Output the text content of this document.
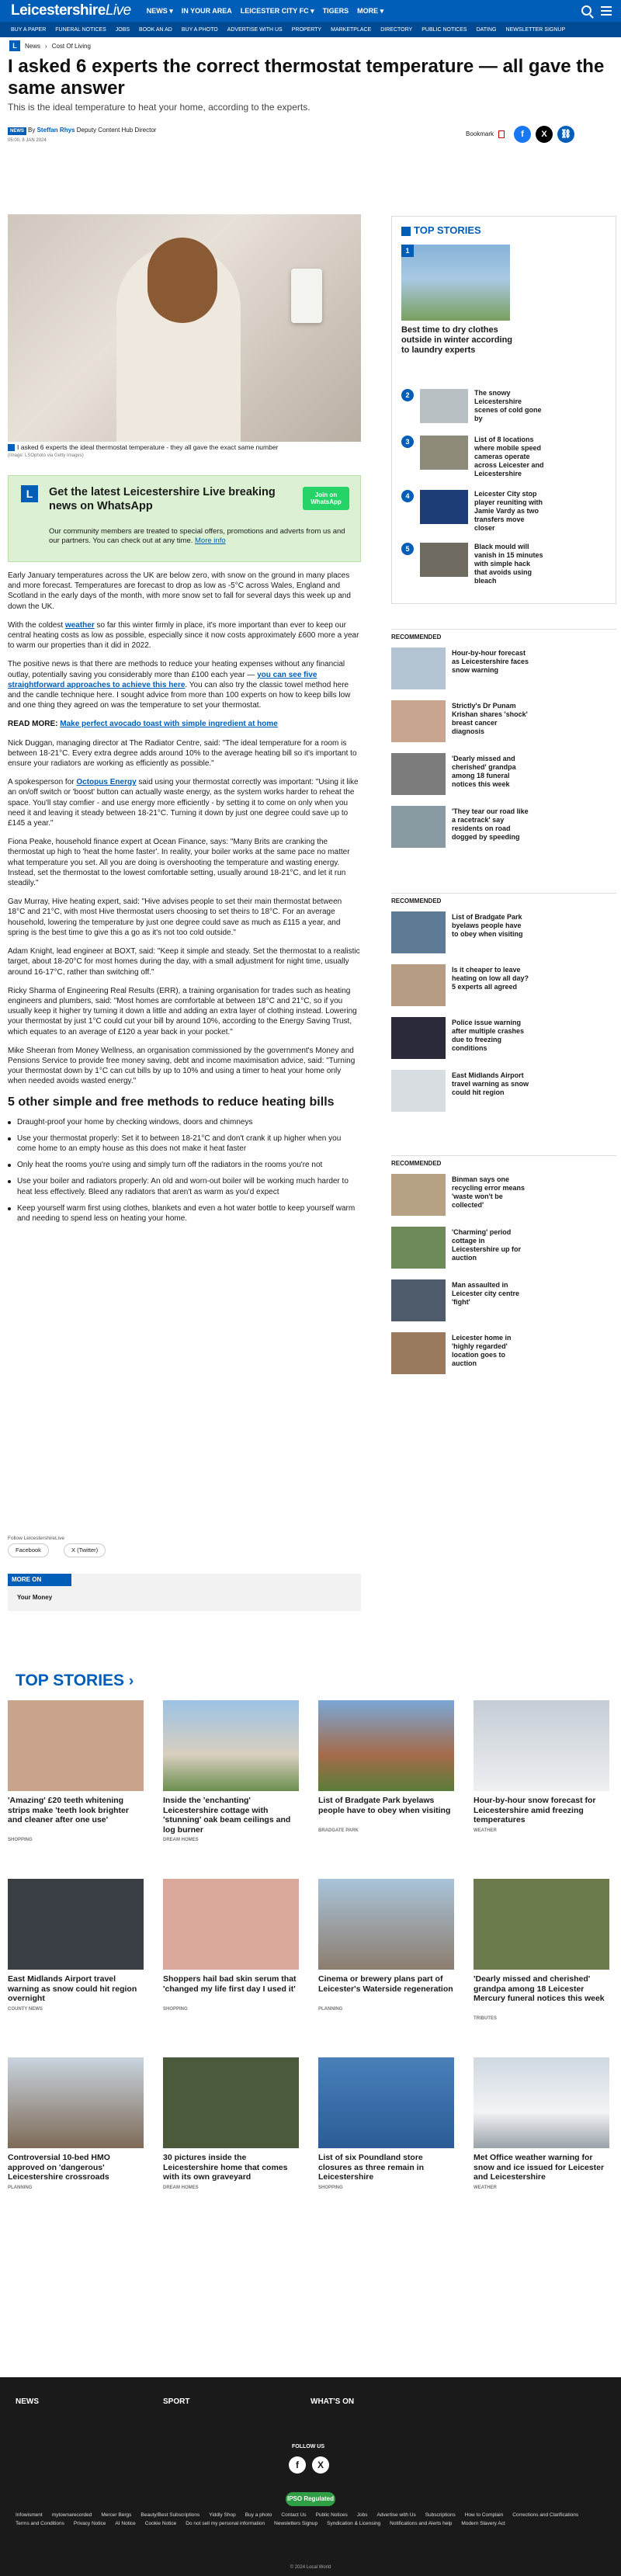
LeicestershireLive NEWS ▾ IN YOUR AREA LEICESTER CITY FC ▾ TIGERS MORE ▾
BUY A PAPER FUNERAL NOTICES JOBS BOOK AN AD BUY A PHOTO ADVERTISE WITH US PROPERTY MARKETPLACE DIRECTORY PUBLIC NOTICES DATING NEWSLETTER SIGNUP
L	News › Cost Of Living
I asked 6 experts the correct thermostat temperature — all gave the same answer

This is the ideal temperature to heat your home, according to the experts.

NEWS By Steffan Rhys Deputy Content Hub Director
05:00, 8 JAN 2024
Bookmark	f	X	⛓
I asked 6 experts the ideal thermostat temperature - they all gave the exact same number
(Image: LSOphoto via Getty Images)
L	Get the latest Leicestershire Live breaking news on WhatsApp
Join on WhatsApp
Our community members are treated to special offers, promotions and adverts from us and our partners. You can check out at any time. More info

Early January temperatures across the UK are below zero, with snow on the ground in many places and more forecast. Temperatures are forecast to drop as low as -5°C across Wales, England and Scotland in the early days of the month, with more snow set to fall for several days this week up and down the UK.

With the coldest weather so far this winter firmly in place, it's more important than ever to keep our central heating costs as low as possible, especially since it now costs approximately £600 more a year to warm our properties than it did in 2022.

The positive news is that there are methods to reduce your heating expenses without any financial outlay, potentially saving you considerably more than £100 each year — you can see five straightforward approaches to achieve this here. You can also try the classic towel method here and the candle technique here. I sought advice from more than 100 experts on how to keep bills low and one thing they agreed on was the temperature to set your thermostat.

READ MORE: Make perfect avocado toast with simple ingredient at home

Nick Duggan, managing director at The Radiator Centre, said: "The ideal temperature for a room is between 18-21°C. Every extra degree adds around 10% to the average heating bill so it's important to ensure your radiators are working as efficiently as possible."

A spokesperson for Octopus Energy said using your thermostat correctly was important: "Using it like an on/off switch or 'boost' button can actually waste energy, as the system works harder to reheat the space. You'll stay comfier - and use energy more efficiently - by setting it to come on only when you need it and leaving it steady between 18-21°C. Turning it down by just one degree could save up to £145 a year."

Fiona Peake, household finance expert at Ocean Finance, says: "Many Brits are cranking the thermostat up high to 'heat the home faster'. In reality, your boiler works at the same pace no matter what temperature you set. All you are doing is overshooting the temperature and wasting energy. Instead, set the thermostat to the lowest comfortable setting, usually around 18-21°C, and let it run steadily."

Gav Murray, Hive heating expert, said: "Hive advises people to set their main thermostat between 18°C and 21°C, with most Hive thermostat users choosing to set theirs to 18°C. For an average household, lowering the temperature by just one degree could save as much as £115 a year, and spring is the best time to give this a go as it's not too cold outside."

Adam Knight, lead engineer at BOXT, said: "Keep it simple and steady. Set the thermostat to a realistic target, about 18-20°C for most homes during the day, with a small adjustment for night time, usually around 16-17°C, rather than switching off."

Ricky Sharma of Engineering Real Results (ERR), a training organisation for trades such as heating engineers and plumbers, said: "Most homes are comfortable at between 18°C and 21°C, so if you usually keep it higher try turning it down a little and adding an extra layer of clothing instead. Lowering your thermostat by just 1°C could cut your bill by around 10%, according to the Energy Saving Trust, which equates to an average of £120 a year back in your pocket."

Mike Sheeran from Money Wellness, an organisation commissioned by the government's Money and Pensions Service to provide free money saving, debt and income maximisation advice, said: "Turning your thermostat down by 1°C can cut bills by up to 10% and using a timer to heat your home only when needed avoids wasted energy."

5 other simple and free methods to reduce heating bills
Draught-proof your home by checking windows, doors and chimneys
Use your thermostat properly: Set it to between 18-21°C and don't crank it up higher when you come home to an empty house as this does not make it heat faster
Only heat the rooms you're using and simply turn off the radiators in the rooms you're not
Use your boiler and radiators properly: An old and worn-out boiler will be working much harder to heat less effectively. Bleed any radiators that aren't as warm as you'd expect
Keep yourself warm first using clothes, blankets and even a hot water bottle to keep yourself warm and needing to spend less on heating your home.
Follow LeicestershireLive
Facebook	X (Twitter)
MORE ON
Your Money
TOP STORIES
1
Best time to dry clothes outside in winter according to laundry experts
2	The snowy Leicestershire scenes of cold gone by
3	List of 8 locations where mobile speed cameras operate across Leicester and Leicestershire
4	Leicester City stop player reuniting with Jamie Vardy as two transfers move closer
5	Black mould will vanish in 15 minutes with simple hack that avoids using bleach
RECOMMENDED
Hour-by-hour forecast as Leicestershire faces snow warning
Strictly's Dr Punam Krishan shares 'shock' breast cancer diagnosis
'Dearly missed and cherished' grandpa among 18 funeral notices this week
'They tear our road like a racetrack' say residents on road dogged by speeding
RECOMMENDED
List of Bradgate Park byelaws people have to obey when visiting
Is it cheaper to leave heating on low all day? 5 experts all agreed
Police issue warning after multiple crashes due to freezing conditions
East Midlands Airport travel warning as snow could hit region
RECOMMENDED
Binman says one recycling error means 'waste won't be collected'
'Charming' period cottage in Leicestershire up for auction
Man assaulted in Leicester city centre 'fight'
Leicester home in 'highly regarded' location goes to auction
TOP STORIES ›
'Amazing' £20 teeth whitening strips make 'teeth look brighter and cleaner after one use'
SHOPPING
Inside the 'enchanting' Leicestershire cottage with 'stunning' oak beam ceilings and log burner
DREAM HOMES
List of Bradgate Park byelaws people have to obey when visiting
BRADGATE PARK
Hour-by-hour snow forecast for Leicestershire amid freezing temperatures
WEATHER
East Midlands Airport travel warning as snow could hit region overnight
COUNTY NEWS
Shoppers hail bad skin serum that 'changed my life first day I used it'
SHOPPING
Cinema or brewery plans part of Leicester's Waterside regeneration
PLANNING
'Dearly missed and cherished' grandpa among 18 Leicester Mercury funeral notices this week
TRIBUTES
Controversial 10-bed HMO approved on 'dangerous' Leicestershire crossroads
PLANNING
30 pictures inside the Leicestershire home that comes with its own graveyard
DREAM HOMES
List of six Poundland store closures as three remain in Leicestershire
SHOPPING
Met Office weather warning for snow and ice issued for Leicester and Leicestershire
WEATHER
NEWS	SPORT	WHAT'S ON
FOLLOW US
f	X
IPSO Regulated
Infowisment mytownarecorded Mercer Bergs Beauty/Best Subscriptions Yiddly Shop Buy a photo Contact Us Public Notices Jobs Advertise with Us Subscriptions How to Complain Corrections and Clarifications
Terms and Conditions Privacy Notice AI Notice Cookie Notice Do not sell my personal information Newsletters Signup Syndication & Licensing Notifications and Alerts help Modern Slavery Act
© 2024 Local World
